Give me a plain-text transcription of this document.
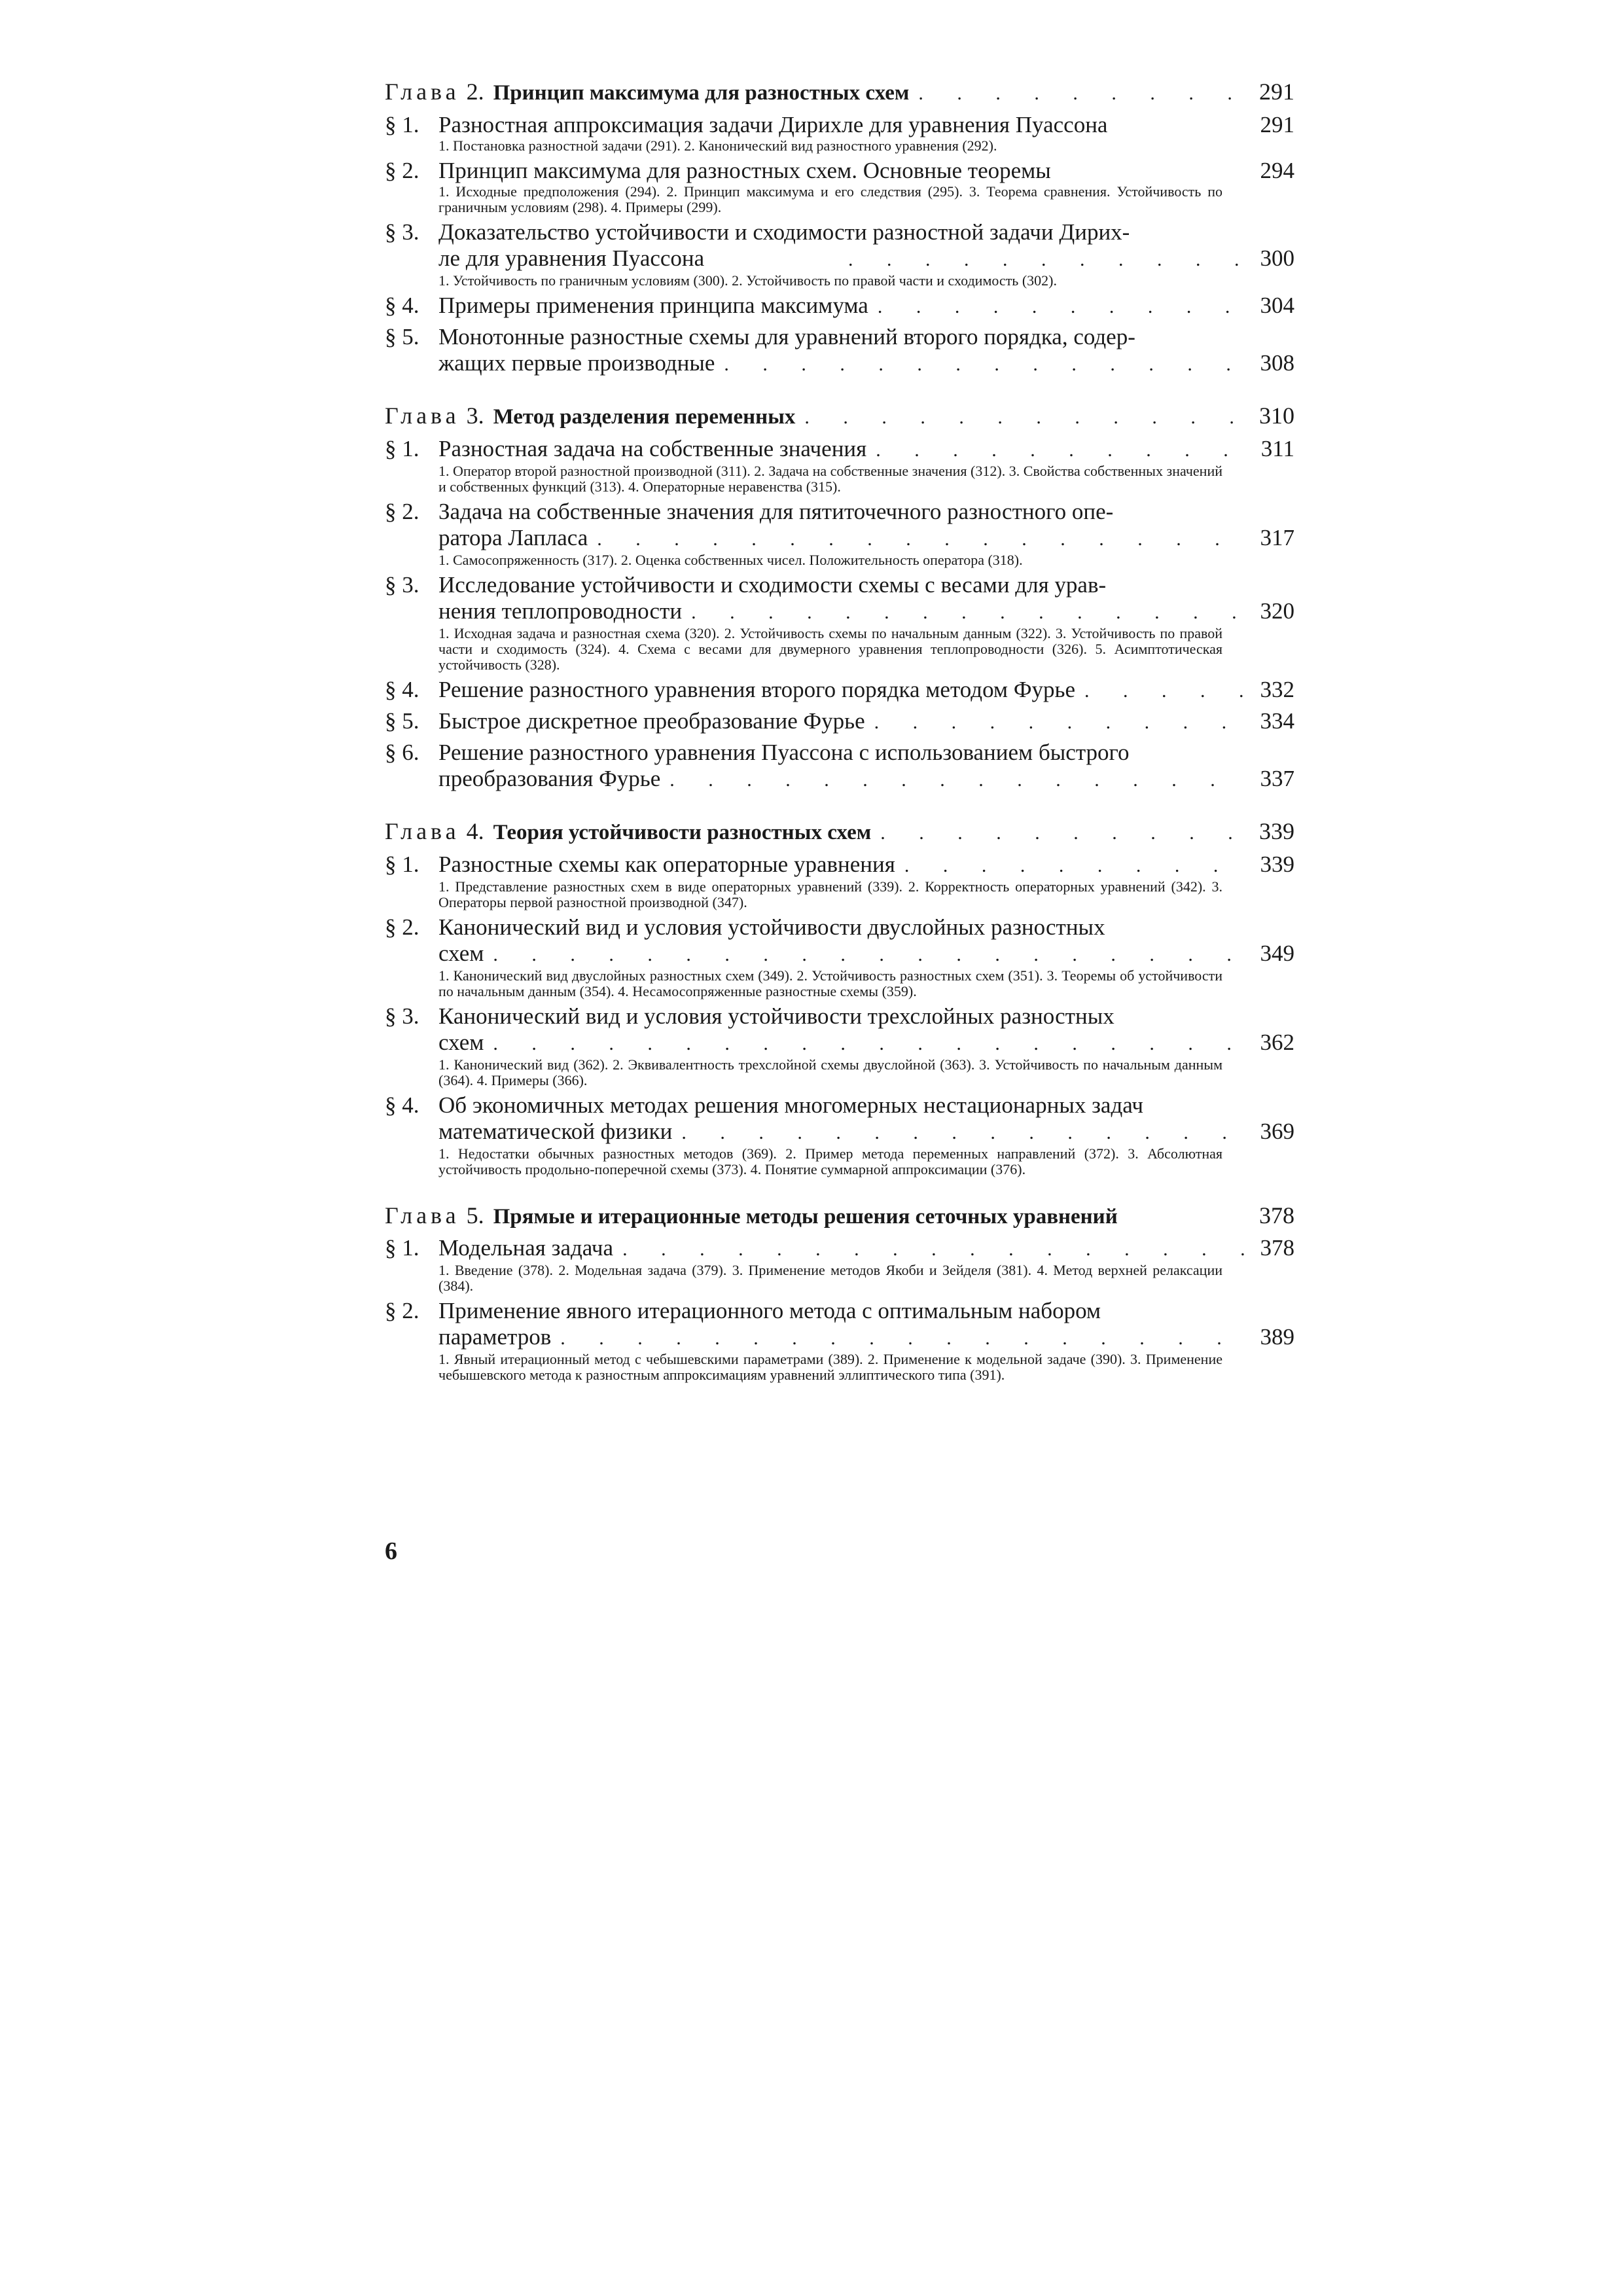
Глава 2. Принцип максимума для разностных схем . . .	291
§ 1. Разностная аппроксимация задачи Дирихле для уравнения Пуассона	291
1. Постановка разностной задачи (291). 2. Канонический вид разностного уравнения (292).
§ 2. Принцип максимума для разностных схем. Основные теоремы	294
1. Исходные предположения (294). 2. Принцип максимума и его следствия (295). 3. Теорема сравнения. Устойчивость по граничным условиям (298). 4. Примеры (299).
§ 3. Доказательство устойчивости и сходимости разностной задачи Дирих-
ле для уравнения Пуассона . . .	300
1. Устойчивость по граничным условиям (300). 2. Устойчивость по правой части и сходимость (302).
§ 4. Примеры применения принципа максимума . . .	304
§ 5. Монотонные разностные схемы для уравнений второго порядка, содер-
жащих первые производные . . .	308
Глава 3. Метод разделения переменных . . .	310
§ 1. Разностная задача на собственные значения . . .	311
1. Оператор второй разностной производной (311). 2. Задача на собственные значения (312). 3. Свойства собственных значений и собственных функций (313). 4. Операторные неравенства (315).
§ 2. Задача на собственные значения для пятиточечного разностного опе-
ратора Лапласа . . .	317
1. Самосопряженность (317). 2. Оценка собственных чисел. Положительность оператора (318).
§ 3. Исследование устойчивости и сходимости схемы с весами для урав-
нения теплопроводности . . .	320
1. Исходная задача и разностная схема (320). 2. Устойчивость схемы по начальным данным (322). 3. Устойчивость по правой части и сходимость (324). 4. Схема с весами для двумерного уравнения теплопроводности (326). 5. Асимптотическая устойчивость (328).
§ 4. Решение разностного уравнения второго порядка методом Фурье . . .	332
§ 5. Быстрое дискретное преобразование Фурье . . .	334
§ 6. Решение разностного уравнения Пуассона с использованием быстрого
преобразования Фурье . . .	337
Глава 4. Теория устойчивости разностных схем . . .	339
§ 1. Разностные схемы как операторные уравнения . . .	339
1. Представление разностных схем в виде операторных уравнений (339). 2. Корректность операторных уравнений (342). 3. Операторы первой разностной производной (347).
§ 2. Канонический вид и условия устойчивости двуслойных разностных
схем . . .	349
1. Канонический вид двуслойных разностных схем (349). 2. Устойчивость разностных схем (351). 3. Теоремы об устойчивости по начальным данным (354). 4. Несамосопряженные разностные схемы (359).
§ 3. Канонический вид и условия устойчивости трехслойных разностных
схем . . .	362
1. Канонический вид (362). 2. Эквивалентность трехслойной схемы двуслойной (363). 3. Устойчивость по начальным данным (364). 4. Примеры (366).
§ 4. Об экономичных методах решения многомерных нестационарных задач
математической физики . . .	369
1. Недостатки обычных разностных методов (369). 2. Пример метода переменных направлений (372). 3. Абсолютная устойчивость продольно-поперечной схемы (373). 4. Понятие суммарной аппроксимации (376).
Глава 5. Прямые и итерационные методы решения сеточных уравнений	378
§ 1. Модельная задача . . .	378
1. Введение (378). 2. Модельная задача (379). 3. Применение методов Якоби и Зейделя (381). 4. Метод верхней релаксации (384).
§ 2. Применение явного итерационного метода с оптимальным набором
параметров . . .	389
1. Явный итерационный метод с чебышевскими параметрами (389). 2. Применение к модельной задаче (390). 3. Применение чебышевского метода к разностным аппроксимациям уравнений эллиптического типа (391).
6
